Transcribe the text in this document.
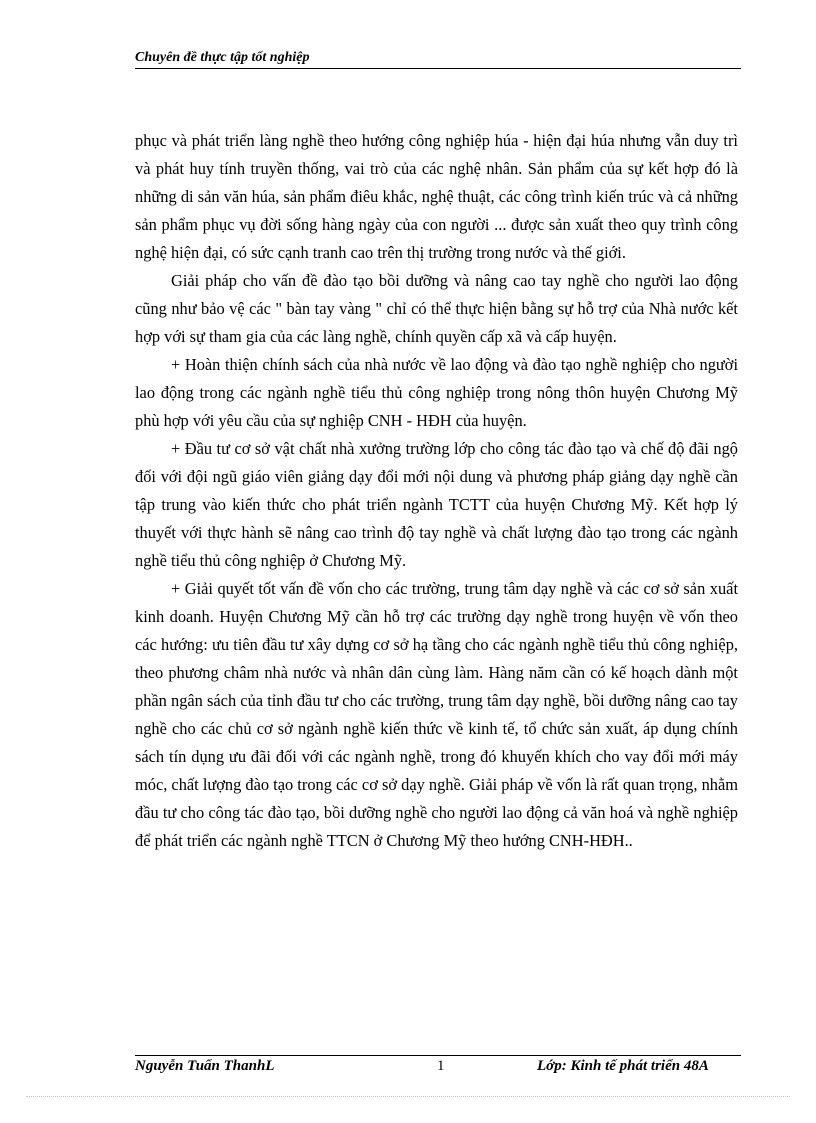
Chuyên đề thực tập tốt nghiệp

phục và phát triển làng nghề theo hướng công nghiệp húa - hiện đại húa nhưng vẫn duy trì và phát huy tính truyền thống, vai trò của các nghệ nhân. Sản phẩm của sự kết hợp đó là những di sản văn húa, sản phẩm điêu khắc, nghệ thuật, các công trình kiến trúc và cả những sản phẩm phục vụ đời sống hàng ngày của con người ... được sản xuất theo quy trình công nghệ hiện đại, có sức cạnh tranh cao trên thị trường trong nước và thế giới.

Giải pháp cho vấn đề đào tạo bồi dưỡng và nâng cao tay nghề cho người lao động cũng như bảo vệ các " bàn tay vàng " chỉ có thể thực hiện bằng sự hỗ trợ của Nhà nước kết hợp với sự tham gia của các làng nghề, chính quyền cấp xã và cấp huyện.

+ Hoàn thiện chính sách của nhà nước về lao động và đào tạo nghề nghiệp cho người lao động trong các ngành nghề tiểu thủ công nghiệp trong nông thôn huyện Chương Mỹ phù hợp với yêu cầu của sự nghiệp CNH - HĐH của huyện.

+ Đầu tư cơ sở vật chất nhà xưởng trường lớp cho công tác đào tạo và chế độ đãi ngộ đối với đội ngũ giáo viên giảng dạy đổi mới nội dung và phương pháp giảng dạy nghề cần tập trung vào kiến thức cho phát triển ngành TCTT của huyện Chương Mỹ. Kết hợp lý thuyết với thực hành sẽ nâng cao trình độ tay nghề và chất lượng đào tạo trong các ngành nghề tiểu thủ công nghiệp ở Chương Mỹ.

+ Giải quyết tốt vấn đề vốn cho các trường, trung tâm dạy nghề và các cơ sở sản xuất kinh doanh. Huyện Chương Mỹ cần hỗ trợ các trường dạy nghề trong huyện về vốn theo các hướng: ưu tiên đầu tư xây dựng cơ sở hạ tầng cho các ngành nghề tiểu thủ công nghiệp, theo phương châm nhà nước và nhân dân cùng làm. Hàng năm cần có kế hoạch dành một phần ngân sách của tỉnh đầu tư cho các trường, trung tâm dạy nghề, bồi dưỡng nâng cao tay nghề cho các chủ cơ sở ngành nghề kiến thức về kinh tế, tổ chức sản xuất, áp dụng chính sách tín dụng ưu đãi đối với các ngành nghề, trong đó khuyến khích cho vay đổi mới máy móc, chất lượng đào tạo trong các cơ sở dạy nghề. Giải pháp về vốn là rất quan trọng, nhằm đầu tư cho công tác đào tạo, bồi dưỡng nghề cho người lao động cả văn hoá và nghề nghiệp để phát triển các ngành nghề TTCN ở Chương Mỹ theo hướng CNH-HĐH..

Nguyễn Tuấn ThanhL	1	Lớp: Kinh tế phát triển 48A
